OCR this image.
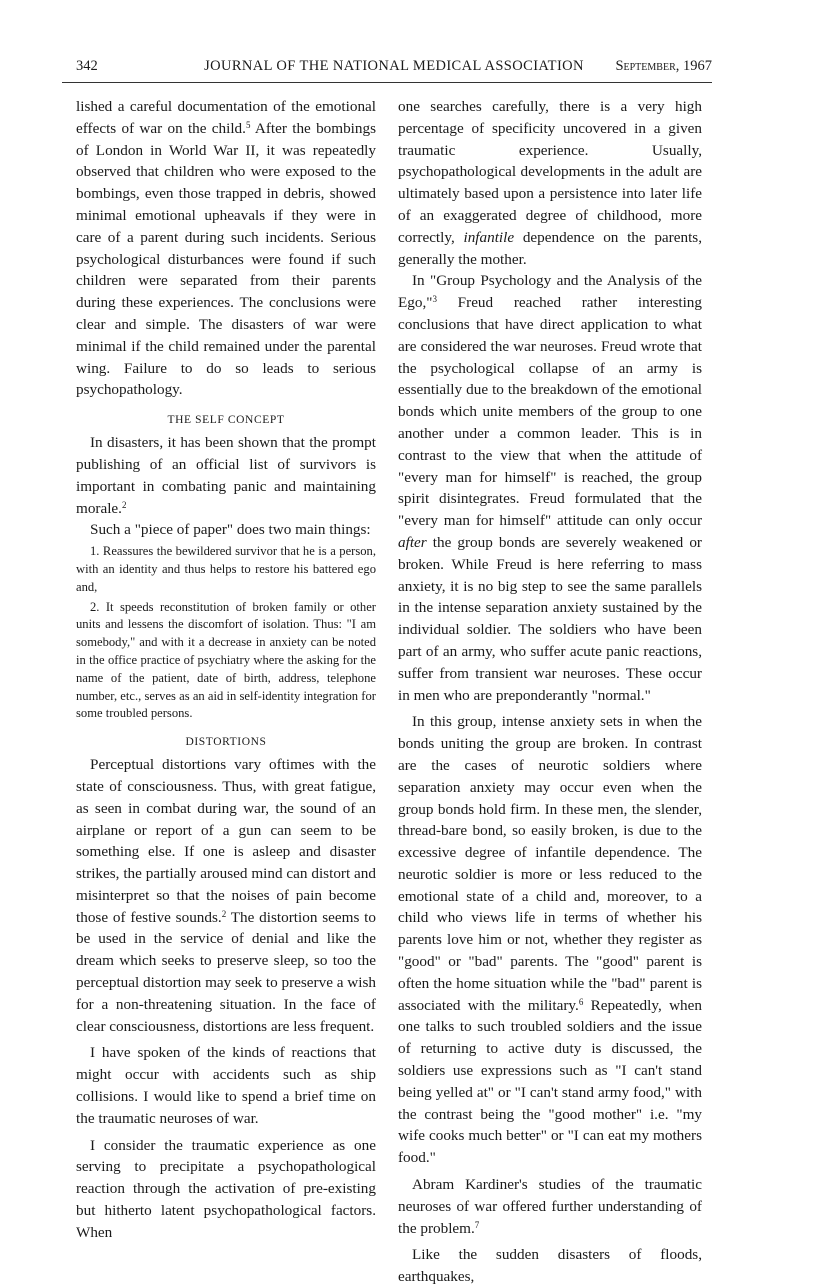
342	JOURNAL OF THE NATIONAL MEDICAL ASSOCIATION	September, 1967

lished a careful documentation of the emotional effects of war on the child.$^5$ After the bombings of London in World War II, it was repeatedly observed that children who were exposed to the bombings, even those trapped in debris, showed minimal emotional upheavals if they were in care of a parent during such incidents. Serious psychological disturbances were found if such children were separated from their parents during these experiences. The conclusions were clear and simple. The disasters of war were minimal if the child remained under the parental wing. Failure to do so leads to serious psychopathology.

THE SELF CONCEPT

In disasters, it has been shown that the prompt publishing of an official list of survivors is important in combating panic and maintaining morale.$^2$

Such a "piece of paper" does two main things:

1. Reassures the bewildered survivor that he is a person, with an identity and thus helps to restore his battered ego and,

2. It speeds reconstitution of broken family or other units and lessens the discomfort of isolation. Thus: "I am somebody," and with it a decrease in anxiety can be noted in the office practice of psychiatry where the asking for the name of the patient, date of birth, address, telephone number, etc., serves as an aid in self-identity integration for some troubled persons.

DISTORTIONS

Perceptual distortions vary oftimes with the state of consciousness. Thus, with great fatigue, as seen in combat during war, the sound of an airplane or report of a gun can seem to be something else. If one is asleep and disaster strikes, the partially aroused mind can distort and misinterpret so that the noises of pain become those of festive sounds.$^2$ The distortion seems to be used in the service of denial and like the dream which seeks to preserve sleep, so too the perceptual distortion may seek to preserve a wish for a non-threatening situation. In the face of clear consciousness, distortions are less frequent.

I have spoken of the kinds of reactions that might occur with accidents such as ship collisions. I would like to spend a brief time on the traumatic neuroses of war.

I consider the traumatic experience as one serving to precipitate a psychopathological reaction through the activation of pre-existing but hitherto latent psychopathological factors. When

one searches carefully, there is a very high percentage of specificity uncovered in a given traumatic experience. Usually, psychopathological developments in the adult are ultimately based upon a persistence into later life of an exaggerated degree of childhood, more correctly, infantile dependence on the parents, generally the mother.

In "Group Psychology and the Analysis of the Ego,"$^3$ Freud reached rather interesting conclusions that have direct application to what are considered the war neuroses. Freud wrote that the psychological collapse of an army is essentially due to the breakdown of the emotional bonds which unite members of the group to one another under a common leader. This is in contrast to the view that when the attitude of "every man for himself" is reached, the group spirit disintegrates. Freud formulated that the "every man for himself" attitude can only occur after the group bonds are severely weakened or broken. While Freud is here referring to mass anxiety, it is no big step to see the same parallels in the intense separation anxiety sustained by the individual soldier. The soldiers who have been part of an army, who suffer acute panic reactions, suffer from transient war neuroses. These occur in men who are preponderantly "normal."

In this group, intense anxiety sets in when the bonds uniting the group are broken. In contrast are the cases of neurotic soldiers where separation anxiety may occur even when the group bonds hold firm. In these men, the slender, thread-bare bond, so easily broken, is due to the excessive degree of infantile dependence. The neurotic soldier is more or less reduced to the emotional state of a child and, moreover, to a child who views life in terms of whether his parents love him or not, whether they register as "good" or "bad" parents. The "good" parent is often the home situation while the "bad" parent is associated with the military.$^6$ Repeatedly, when one talks to such troubled soldiers and the issue of returning to active duty is discussed, the soldiers use expressions such as "I can't stand being yelled at" or "I can't stand army food," with the contrast being the "good mother" i.e. "my wife cooks much better" or "I can eat my mothers food."

Abram Kardiner's studies of the traumatic neuroses of war offered further understanding of the problem.$^7$

Like the sudden disasters of floods, earthquakes,
